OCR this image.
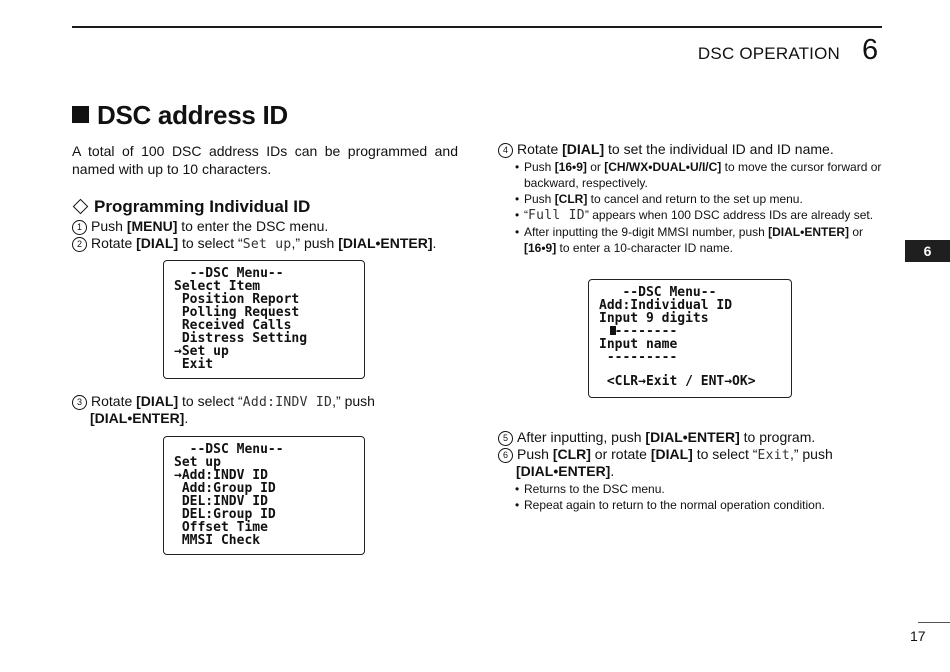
DSC OPERATION 6
6
DSC address ID
A total of 100 DSC address IDs can be programmed and named with up to 10 characters.
Programming Individual ID
1 Push [MENU] to enter the DSC menu.
2 Rotate [DIAL] to select “Set up,” push [DIAL•ENTER].
--DSC Menu--
Select Item
Position Report
Polling Request
Received Calls
Distress Setting
→Set up
Exit
3 Rotate [DIAL] to select “Add:INDV ID,” push
[DIAL•ENTER].
--DSC Menu--
Set up
→Add:INDV ID
Add:Group ID
DEL:INDV ID
DEL:Group ID
Offset Time
MMSI Check
4 Rotate [DIAL] to set the individual ID and ID name.
• Push [16•9] or [CH/WX•DUAL•U/I/C] to move the cursor forward or backward, respectively.
• Push [CLR] to cancel and return to the set up menu.
• “Full ID” appears when 100 DSC address IDs are already set.
• After inputting the 9-digit MMSI number, push [DIAL•ENTER] or [16•9] to enter a 10-character ID name.
--DSC Menu--
Add:Individual ID
Input 9 digits
--------
Input name
---------
<CLR→Exit / ENT→OK>
5 After inputting, push [DIAL•ENTER] to program.
6 Push [CLR] or rotate [DIAL] to select “Exit,” push
[DIAL•ENTER].
• Returns to the DSC menu.
• Repeat again to return to the normal operation condition.
17
